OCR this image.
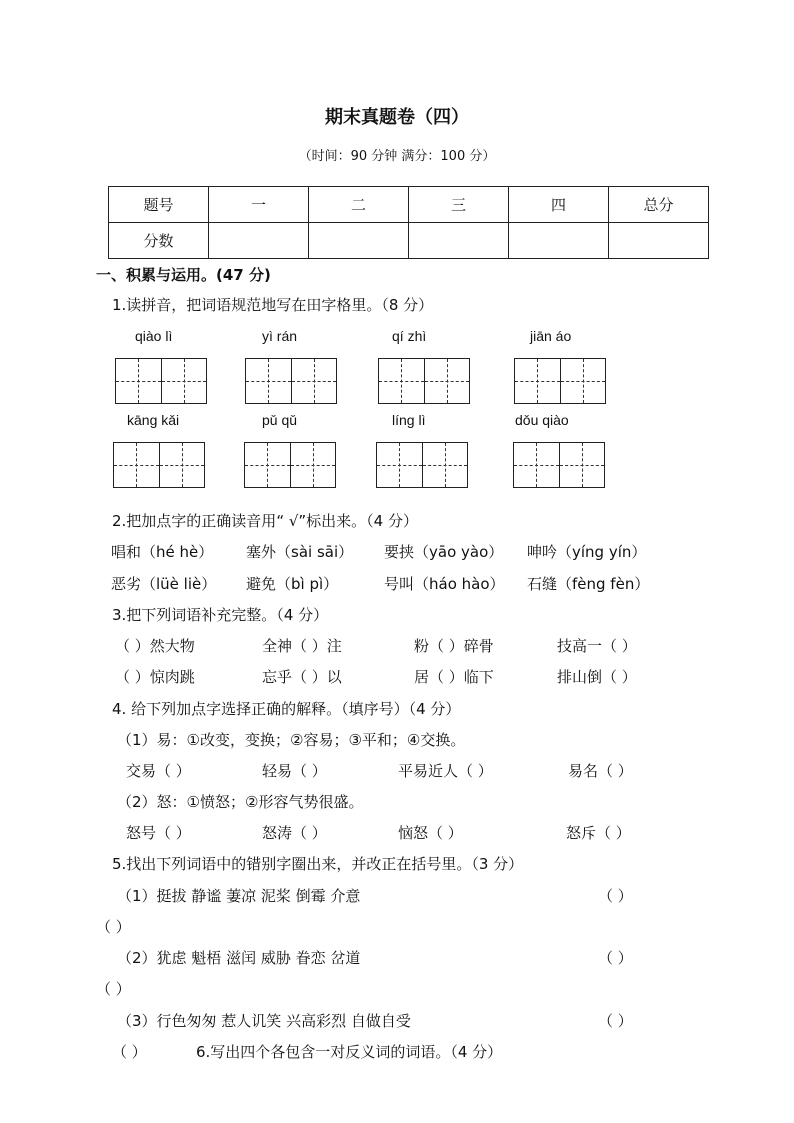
期末真题卷（四）
（时间：90 分钟 满分：100 分）
题号	一	二	三	四	总分
分数					
一、积累与运用。(47 分)
1.读拼音，把词语规范地写在田字格里。（8 分）
qiào lì	yì rán	qí zhì	jiān áo
kāng kǎi	pǔ qǔ	líng lì	dǒu qiào
2.把加点字的正确读音用“ √”标出来。（4 分）
唱和（hé hè） 塞外（sài sāi） 要挟（yāo yào） 呻吟（yíng yín）
恶劣（lüè liè） 避免（bì pì）	号叫（háo hào） 石缝（fèng fèn）
3.把下列词语补充完整。（4 分）
（ ）然大物	全神（ ）注	粉（ ）碎骨	技高一（ ）
（ ）惊肉跳	忘乎（ ）以	居（ ）临下	排山倒（ ）
4. 给下列加点字选择正确的解释。（填序号）（4 分）
（1）易：①改变，变换；②容易；③平和；④交换。
交易（ ）	轻易（ ）	平易近人（ ）	易名（ ）
（2）怒：①愤怒；②形容气势很盛。
怒号（ ）	怒涛（ ）	恼怒（ ）	怒斥（ ）
5.找出下列词语中的错别字圈出来，并改正在括号里。（3 分）
（1）挺拔 静谧 萋凉 泥桨 倒霉 介意	（ ）
（ ）
（2）犹虑 魁梧 滋闰 威胁 眷恋 岔道	（ ）
（ ）
（3）行色匆匆 惹人讥笑 兴高彩烈 自做自受	（ ）
（ ）	6.写出四个各包含一对反义词的词语。（4 分）
